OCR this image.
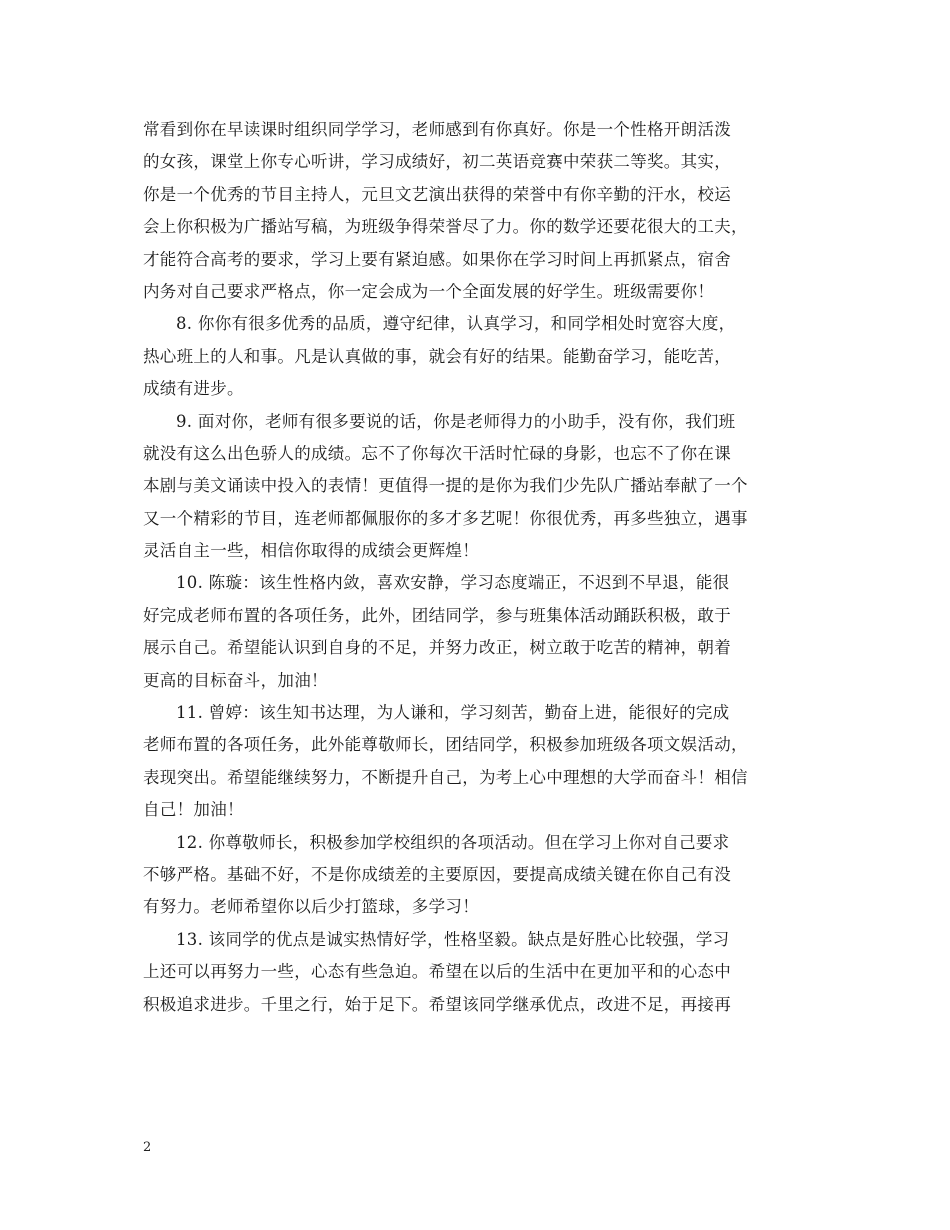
常看到你在早读课时组织同学学习，老师感到有你真好。你是一个性格开朗活泼
的女孩，课堂上你专心听讲，学习成绩好，初二英语竞赛中荣获二等奖。其实，
你是一个优秀的节目主持人，元旦文艺演出获得的荣誉中有你辛勤的汗水，校运
会上你积极为广播站写稿，为班级争得荣誉尽了力。你的数学还要花很大的工夫，
才能符合高考的要求，学习上要有紧迫感。如果你在学习时间上再抓紧点，宿舍
内务对自己要求严格点，你一定会成为一个全面发展的好学生。班级需要你！
8. 你你有很多优秀的品质，遵守纪律，认真学习，和同学相处时宽容大度，
热心班上的人和事。凡是认真做的事，就会有好的结果。能勤奋学习，能吃苦，
成绩有进步。
9. 面对你，老师有很多要说的话，你是老师得力的小助手，没有你，我们班
就没有这么出色骄人的成绩。忘不了你每次干活时忙碌的身影，也忘不了你在课
本剧与美文诵读中投入的表情！更值得一提的是你为我们少先队广播站奉献了一个
又一个精彩的节目，连老师都佩服你的多才多艺呢！你很优秀，再多些独立，遇事
灵活自主一些，相信你取得的成绩会更辉煌！
10. 陈璇：该生性格内敛，喜欢安静，学习态度端正，不迟到不早退，能很
好完成老师布置的各项任务，此外，团结同学，参与班集体活动踊跃积极，敢于
展示自己。希望能认识到自身的不足，并努力改正，树立敢于吃苦的精神，朝着
更高的目标奋斗，加油！
11. 曾婷：该生知书达理，为人谦和，学习刻苦，勤奋上进，能很好的完成
老师布置的各项任务，此外能尊敬师长，团结同学，积极参加班级各项文娱活动，
表现突出。希望能继续努力，不断提升自己，为考上心中理想的大学而奋斗！相信
自己！加油！
12. 你尊敬师长，积极参加学校组织的各项活动。但在学习上你对自己要求
不够严格。基础不好，不是你成绩差的主要原因，要提高成绩关键在你自己有没
有努力。老师希望你以后少打篮球，多学习！
13. 该同学的优点是诚实热情好学，性格坚毅。缺点是好胜心比较强，学习
上还可以再努力一些，心态有些急迫。希望在以后的生活中在更加平和的心态中
积极追求进步。千里之行，始于足下。希望该同学继承优点，改进不足，再接再
2
